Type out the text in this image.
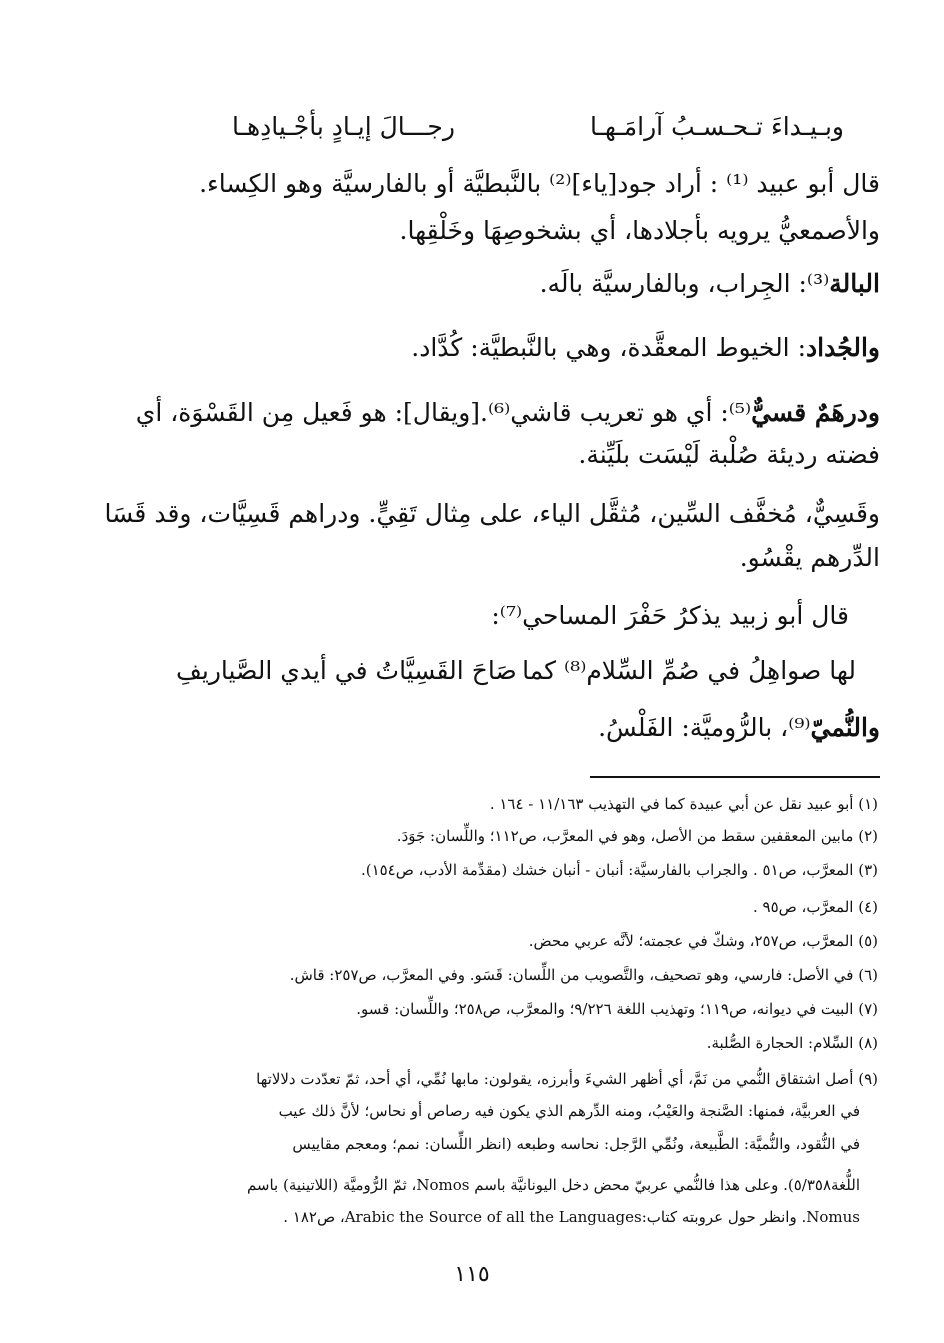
وبـيـداءَ تـحـسـبُ آرامَـهـا
رجـــالَ إيـادٍ بأجْـيادِهـا
قال أبو عبيد ⁽¹⁾ : أراد جود[ياء]⁽²⁾ بالنَّبطيَّة أو بالفارسيَّة وهو الكِساء.
والأصمعيُّ يرويه بأجلادها، أي بشخوصِهَا وخَلْقِها.
البالة⁽³⁾: الجِراب، وبالفارسيَّة بالَه.
والجُداد: الخيوط المعقَّدة، وهي بالنَّبطيَّة: كُدَّاد.
ودرهَمٌ قسيٌّ⁽⁵⁾: أي هو تعريب قاشي⁽⁶⁾.[ويقال]: هو فَعيل مِن القَسْوَة، أي
فضته رديئة صُلْبة لَيْسَت بلَيِّنة.
وقَسِيٌّ، مُخفَّف السِّين، مُثقَّل الياء، على مِثال تَقِيٍّ. ودراهم قَسِيَّات، وقد قَسَا
الدِّرهم يقْسُو.
قال أبو زبيد يذكرُ حَفْرَ المساحي⁽⁷⁾:
لها صواهِلُ في صُمِّ السِّلام⁽⁸⁾ كما
صَاحَ القَسِيَّاتُ في أيدي الصَّياريفِ
والنُّميّ⁽⁹⁾، بالرُّوميَّة: الفَلْسُ.
(١) أبو عبيد نقل عن أبي عبيدة كما في التهذيب ١١/١٦٣ - ١٦٤ .
(٢) مابين المعقفين سقط من الأصل، وهو في المعرَّب، ص١١٢؛ واللِّسان: جَوَدَ.
(٣) المعرَّب، ص٥١ . والجراب بالفارسيَّة: أنبان - أنبان خشك (مقدِّمة الأدب، ص١٥٤).
(٤) المعرَّب، ص٩٥ .
(٥) المعرَّب، ص٢٥٧، وشكّ في عجمته؛ لأنَّه عربي محض.
(٦) في الأصل: فارسي، وهو تصحيف، والتَّصويب من اللِّسان: قَسَو. وفي المعرَّب، ص٢٥٧: قاش.
(٧) البيت في ديوانه، ص١١٩؛ وتهذيب اللغة ٩/٢٢٦؛ والمعرَّب، ص٢٥٨؛ واللِّسان: قسو.
(٨) السِّلام: الحجارة الصُّلبة.
(٩) أصل اشتقاق النُّمي من نَمَّ، أي أظهر الشيءَ وأبرزه، يقولون: مابها نُمِّي، أي أحد، ثمّ تعدّدت دلالاتها
في العربيَّة، فمنها: الصَّنجة والعَيْبُ، ومنه الدِّرهم الذي يكون فيه رصاص أو نحاس؛ لأنَّ ذلك عيب
في النُّقود، والنُّميَّة: الطَّبيعة، ونُمِّي الرَّجل: نحاسه وطبعه (انظر اللِّسان: نمم؛ ومعجم مقاييس
اللُّغة٥/٣٥٨). وعلى هذا فالنُّمي عربيّ محض دخل اليونانيَّة باسم Nomos، ثمّ الرُّوميَّة (اللاتينية) باسم
Nomus. وانظر حول عروبته كتاب:Arabic the Source of all the Languages، ص١٨٢ .
١١٥
